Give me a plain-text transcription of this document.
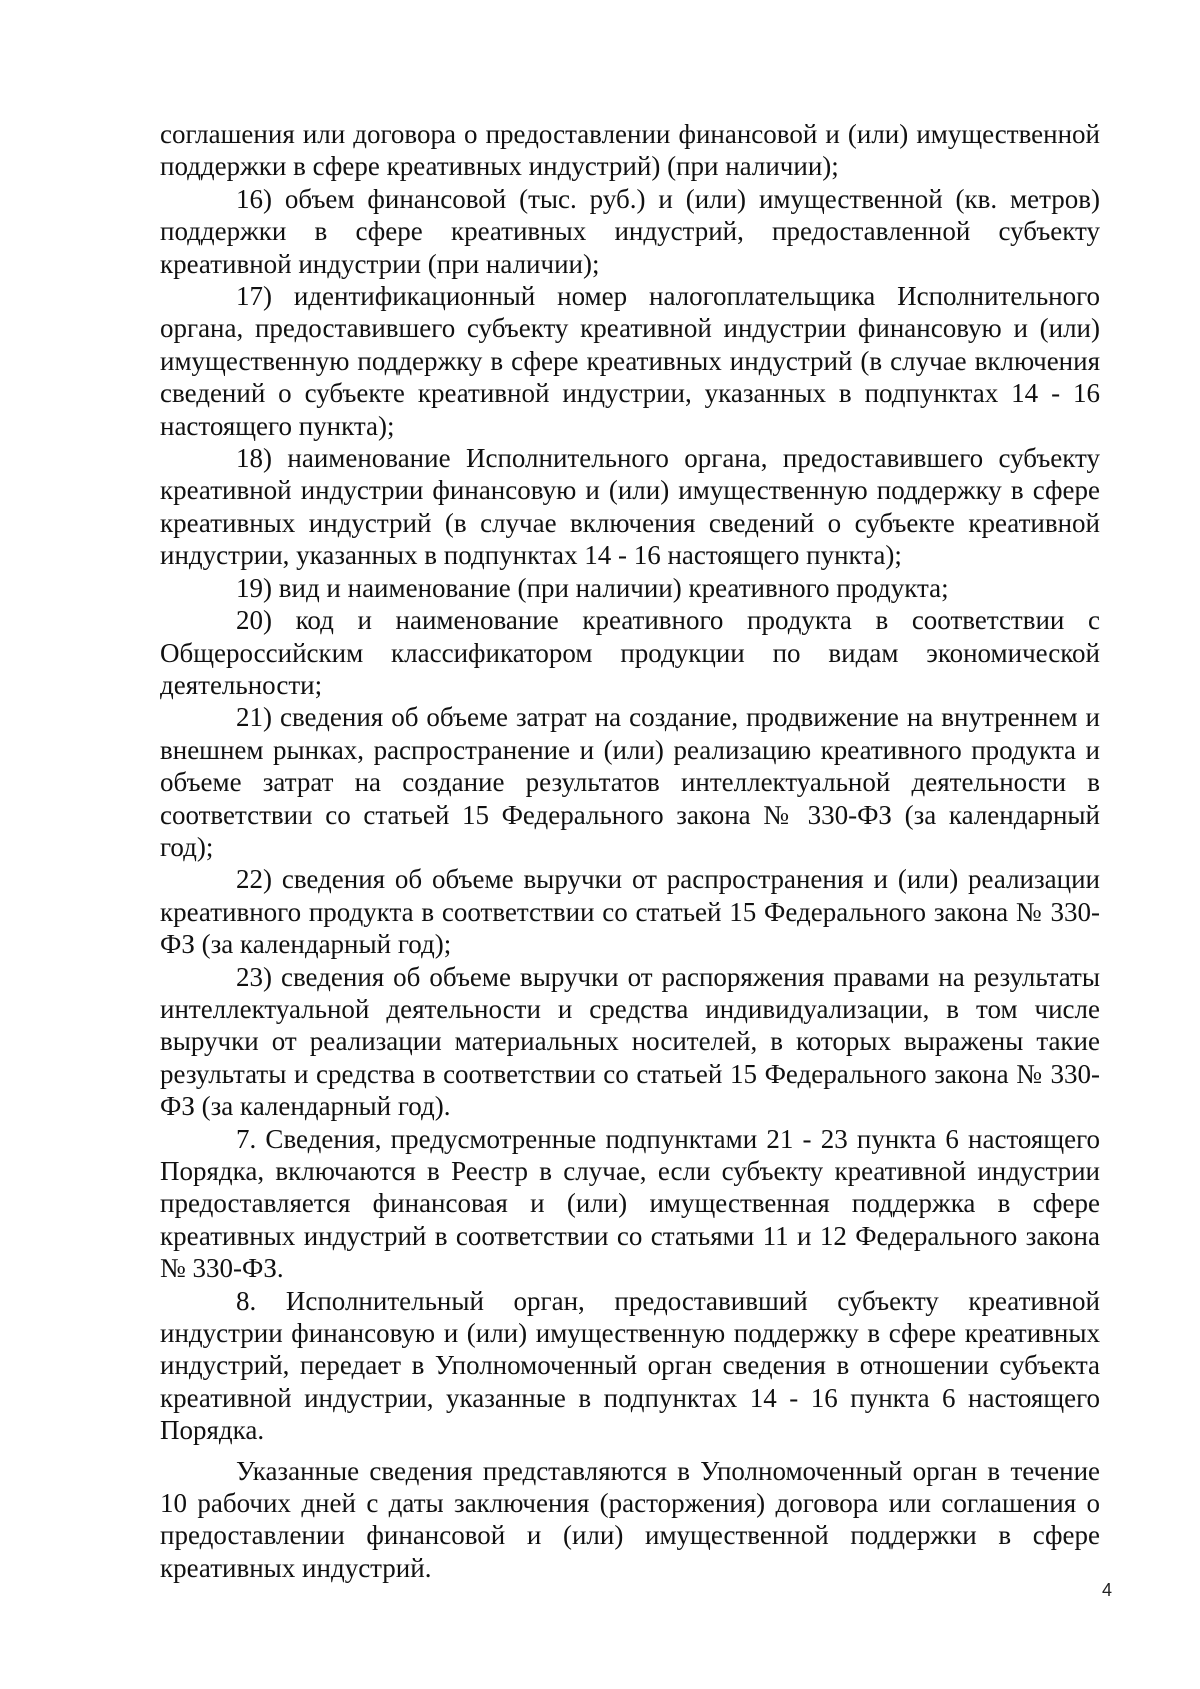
соглашения или договора о предоставлении финансовой и (или) имущественной поддержки в сфере креативных индустрий) (при наличии);

16) объем финансовой (тыс. руб.) и (или) имущественной (кв. метров) поддержки в сфере креативных индустрий, предоставленной субъекту креативной индустрии (при наличии);

17) идентификационный номер налогоплательщика Исполнительного органа, предоставившего субъекту креативной индустрии финансовую и (или) имущественную поддержку в сфере креативных индустрий (в случае включения сведений о субъекте креативной индустрии, указанных в подпунктах 14 - 16 настоящего пункта);

18) наименование Исполнительного органа, предоставившего субъекту креативной индустрии финансовую и (или) имущественную поддержку в сфере креативных индустрий (в случае включения сведений о субъекте креативной индустрии, указанных в подпунктах 14 - 16 настоящего пункта);

19) вид и наименование (при наличии) креативного продукта;

20) код и наименование креативного продукта в соответствии с Общероссийским классификатором продукции по видам экономической деятельности;

21) сведения об объеме затрат на создание, продвижение на внутреннем и внешнем рынках, распространение и (или) реализацию креативного продукта и объеме затрат на создание результатов интеллектуальной деятельности в соответствии со статьей 15 Федерального закона № 330-ФЗ (за календарный год);

22) сведения об объеме выручки от распространения и (или) реализации креативного продукта в соответствии со статьей 15 Федерального закона № 330-ФЗ (за календарный год);

23) сведения об объеме выручки от распоряжения правами на результаты интеллектуальной деятельности и средства индивидуализации, в том числе выручки от реализации материальных носителей, в которых выражены такие результаты и средства в соответствии со статьей 15 Федерального закона № 330-ФЗ (за календарный год).

7. Сведения, предусмотренные подпунктами 21 - 23 пункта 6 настоящего Порядка, включаются в Реестр в случае, если субъекту креативной индустрии предоставляется финансовая и (или) имущественная поддержка в сфере креативных индустрий в соответствии со статьями 11 и 12 Федерального закона № 330-ФЗ.

8. Исполнительный орган, предоставивший субъекту креативной индустрии финансовую и (или) имущественную поддержку в сфере креативных индустрий, передает в Уполномоченный орган сведения в отношении субъекта креативной индустрии, указанные в подпунктах 14 - 16 пункта 6 настоящего Порядка.

Указанные сведения представляются в Уполномоченный орган в течение 10 рабочих дней с даты заключения (расторжения) договора или соглашения о предоставлении финансовой и (или) имущественной поддержки в сфере креативных индустрий.

4
